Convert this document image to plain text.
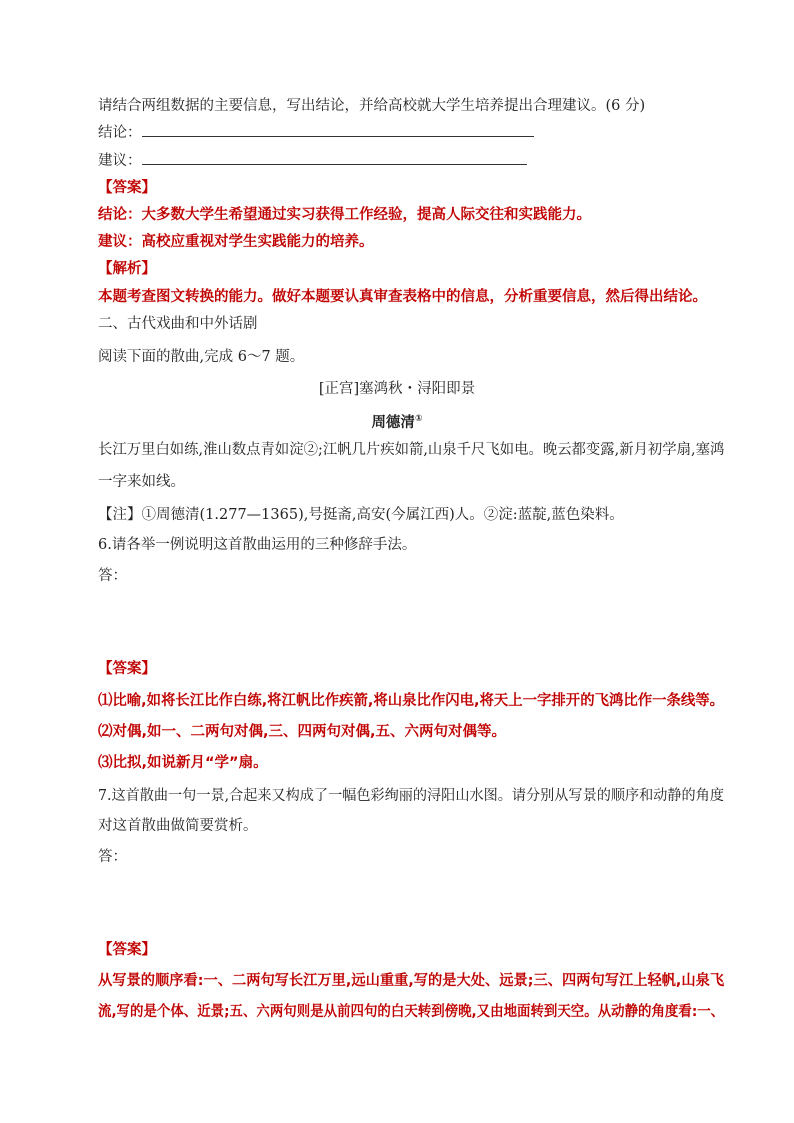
请结合两组数据的主要信息，写出结论，并给高校就大学生培养提出合理建议。(6 分)
结论：
建议：
【答案】
结论：大多数大学生希望通过实习获得工作经验，提高人际交往和实践能力。
建议：高校应重视对学生实践能力的培养。
【解析】
本题考查图文转换的能力。做好本题要认真审查表格中的信息，分析重要信息，然后得出结论。
二、古代戏曲和中外话剧
阅读下面的散曲,完成 6～7 题。
[正宫]塞鸿秋・浔阳即景
周德清①
长江万里白如练,淮山数点青如淀②;江帆几片疾如箭,山泉千尺飞如电。晚云都变露,新月初学扇,塞鸿
一字来如线。
【注】①周德清(1.277—1365),号挺斋,高安(今属江西)人。②淀:蓝靛,蓝色染料。
6.请各举一例说明这首散曲运用的三种修辞手法。
答：
【答案】
⑴比喻,如将长江比作白练,将江帆比作疾箭,将山泉比作闪电,将天上一字排开的飞鸿比作一条线等。
⑵对偶,如一、二两句对偶,三、四两句对偶,五、六两句对偶等。
⑶比拟,如说新月“学”扇。
7.这首散曲一句一景,合起来又构成了一幅色彩绚丽的浔阳山水图。请分别从写景的顺序和动静的角度
对这首散曲做简要赏析。
答：
【答案】
从写景的顺序看:一、二两句写长江万里,远山重重,写的是大处、远景;三、四两句写江上轻帆,山泉飞
流,写的是个体、近景;五、六两句则是从前四句的白天转到傍晚,又由地面转到天空。从动静的角度看:一、
